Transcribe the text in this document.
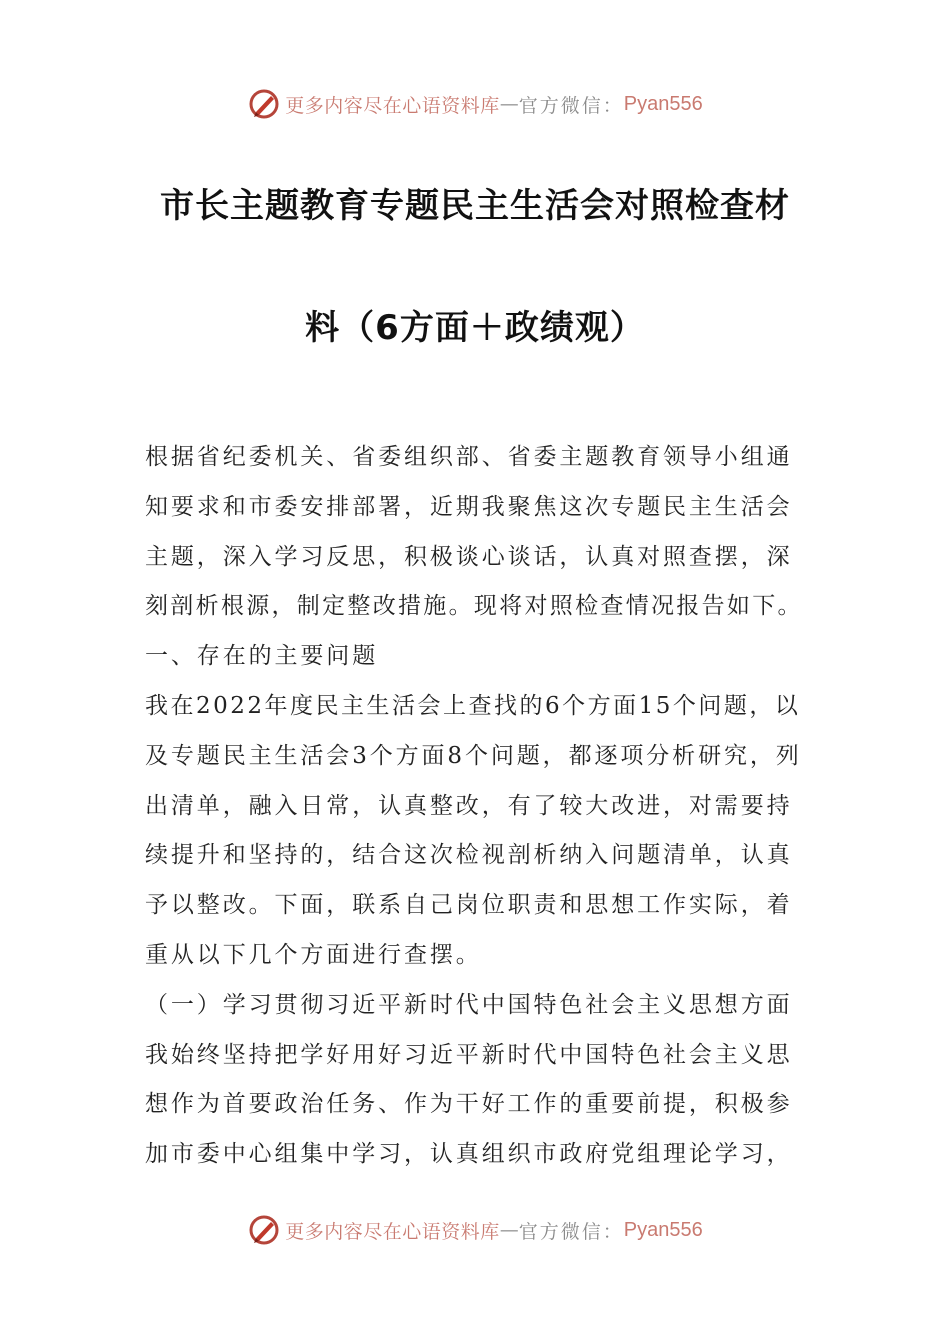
更多内容尽在心语资料库 — 官方微信： Pyan556
市长主题教育专题民主生活会对照检查材
料（6方面＋政绩观）
根据省纪委机关、省委组织部、省委主题教育领导小组通
知要求和市委安排部署，近期我聚焦这次专题民主生活会
主题，深入学习反思，积极谈心谈话，认真对照查摆，深
刻剖析根源，制定整改措施。现将对照检查情况报告如下。
一、存在的主要问题
我在2022年度民主生活会上查找的6个方面15个问题，以
及专题民主生活会3个方面8个问题，都逐项分析研究，列
出清单，融入日常，认真整改，有了较大改进，对需要持
续提升和坚持的，结合这次检视剖析纳入问题清单，认真
予以整改。下面，联系自己岗位职责和思想工作实际，着
重从以下几个方面进行查摆。
（一）学习贯彻习近平新时代中国特色社会主义思想方面
我始终坚持把学好用好习近平新时代中国特色社会主义思
想作为首要政治任务、作为干好工作的重要前提，积极参
加市委中心组集中学习，认真组织市政府党组理论学习，
更多内容尽在心语资料库 — 官方微信： Pyan556
